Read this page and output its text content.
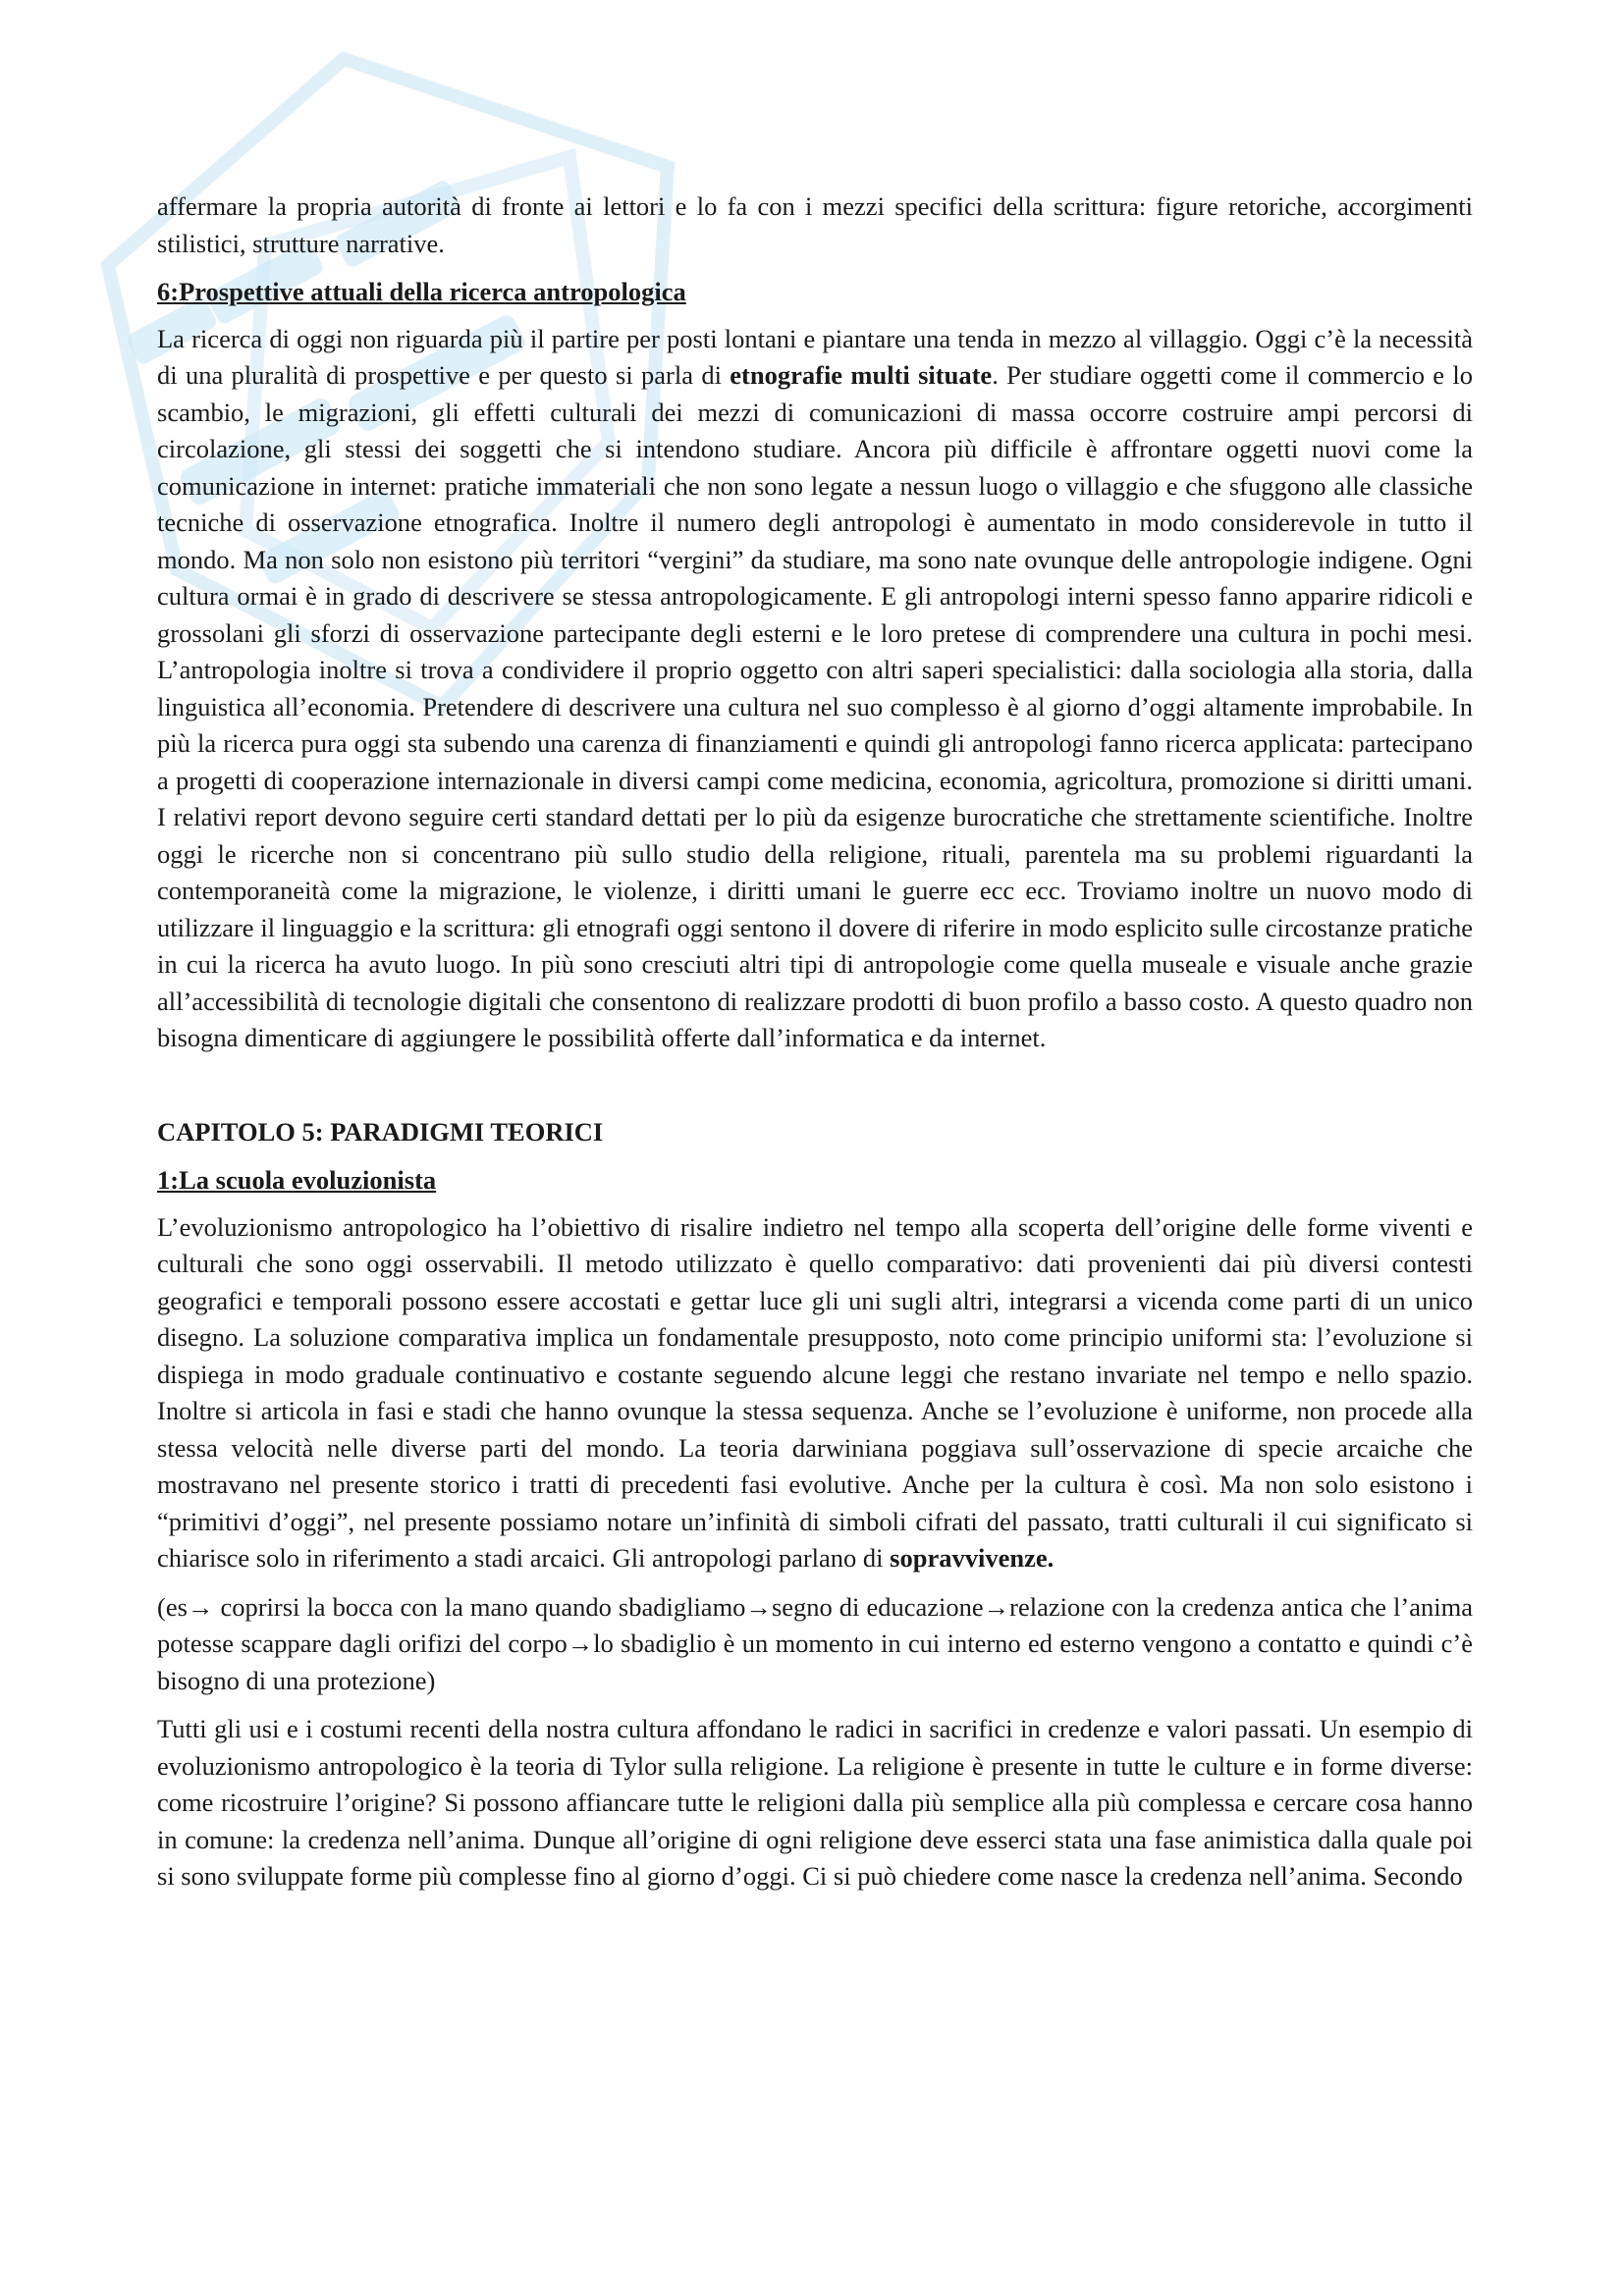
affermare la propria autorità di fronte ai lettori e lo fa con i mezzi specifici della scrittura: figure retoriche, accorgimenti stilistici, strutture narrative.

6:Prospettive attuali della ricerca antropologica

La ricerca di oggi non riguarda più il partire per posti lontani e piantare una tenda in mezzo al villaggio. Oggi c’è la necessità di una pluralità di prospettive e per questo si parla di etnografie multi situate. Per studiare oggetti come il commercio e lo scambio, le migrazioni, gli effetti culturali dei mezzi di comunicazioni di massa occorre costruire ampi percorsi di circolazione, gli stessi dei soggetti che si intendono studiare. Ancora più difficile è affrontare oggetti nuovi come la comunicazione in internet: pratiche immateriali che non sono legate a nessun luogo o villaggio e che sfuggono alle classiche tecniche di osservazione etnografica. Inoltre il numero degli antropologi è aumentato in modo considerevole in tutto il mondo. Ma non solo non esistono più territori “vergini” da studiare, ma sono nate ovunque delle antropologie indigene. Ogni cultura ormai è in grado di descrivere se stessa antropologicamente. E gli antropologi interni spesso fanno apparire ridicoli e grossolani gli sforzi di osservazione partecipante degli esterni e le loro pretese di comprendere una cultura in pochi mesi. L’antropologia inoltre si trova a condividere il proprio oggetto con altri saperi specialistici: dalla sociologia alla storia, dalla linguistica all’economia. Pretendere di descrivere una cultura nel suo complesso è al giorno d’oggi altamente improbabile. In più la ricerca pura oggi sta subendo una carenza di finanziamenti e quindi gli antropologi fanno ricerca applicata: partecipano a progetti di cooperazione internazionale in diversi campi come medicina, economia, agricoltura, promozione si diritti umani. I relativi report devono seguire certi standard dettati per lo più da esigenze burocratiche che strettamente scientifiche. Inoltre oggi le ricerche non si concentrano più sullo studio della religione, rituali, parentela ma su problemi riguardanti la contemporaneità come la migrazione, le violenze, i diritti umani le guerre ecc ecc. Troviamo inoltre un nuovo modo di utilizzare il linguaggio e la scrittura: gli etnografi oggi sentono il dovere di riferire in modo esplicito sulle circostanze pratiche in cui la ricerca ha avuto luogo. In più sono cresciuti altri tipi di antropologie come quella museale e visuale anche grazie all’accessibilità di tecnologie digitali che consentono di realizzare prodotti di buon profilo a basso costo. A questo quadro non bisogna dimenticare di aggiungere le possibilità offerte dall’informatica e da internet.

CAPITOLO 5: PARADIGMI TEORICI

1:La scuola evoluzionista

L’evoluzionismo antropologico ha l’obiettivo di risalire indietro nel tempo alla scoperta dell’origine delle forme viventi e culturali che sono oggi osservabili. Il metodo utilizzato è quello comparativo: dati provenienti dai più diversi contesti geografici e temporali possono essere accostati e gettar luce gli uni sugli altri, integrarsi a vicenda come parti di un unico disegno. La soluzione comparativa implica un fondamentale presupposto, noto come principio uniformi sta: l’evoluzione si dispiega in modo graduale continuativo e costante seguendo alcune leggi che restano invariate nel tempo e nello spazio. Inoltre si articola in fasi e stadi che hanno ovunque la stessa sequenza. Anche se l’evoluzione è uniforme, non procede alla stessa velocità nelle diverse parti del mondo. La teoria darwiniana poggiava sull’osservazione di specie arcaiche che mostravano nel presente storico i tratti di precedenti fasi evolutive. Anche per la cultura è così. Ma non solo esistono i “primitivi d’oggi”, nel presente possiamo notare un’infinità di simboli cifrati del passato, tratti culturali il cui significato si chiarisce solo in riferimento a stadi arcaici. Gli antropologi parlano di sopravvivenze.

(es→ coprirsi la bocca con la mano quando sbadigliamo→segno di educazione→relazione con la credenza antica che l’anima potesse scappare dagli orifizi del corpo→lo sbadiglio è un momento in cui interno ed esterno vengono a contatto e quindi c’è bisogno di una protezione)

Tutti gli usi e i costumi recenti della nostra cultura affondano le radici in sacrifici in credenze e valori passati. Un esempio di evoluzionismo antropologico è la teoria di Tylor sulla religione. La religione è presente in tutte le culture e in forme diverse: come ricostruire l’origine? Si possono affiancare tutte le religioni dalla più semplice alla più complessa e cercare cosa hanno in comune: la credenza nell’anima. Dunque all’origine di ogni religione deve esserci stata una fase animistica dalla quale poi si sono sviluppate forme più complesse fino al giorno d’oggi. Ci si può chiedere come nasce la credenza nell’anima. Secondo
